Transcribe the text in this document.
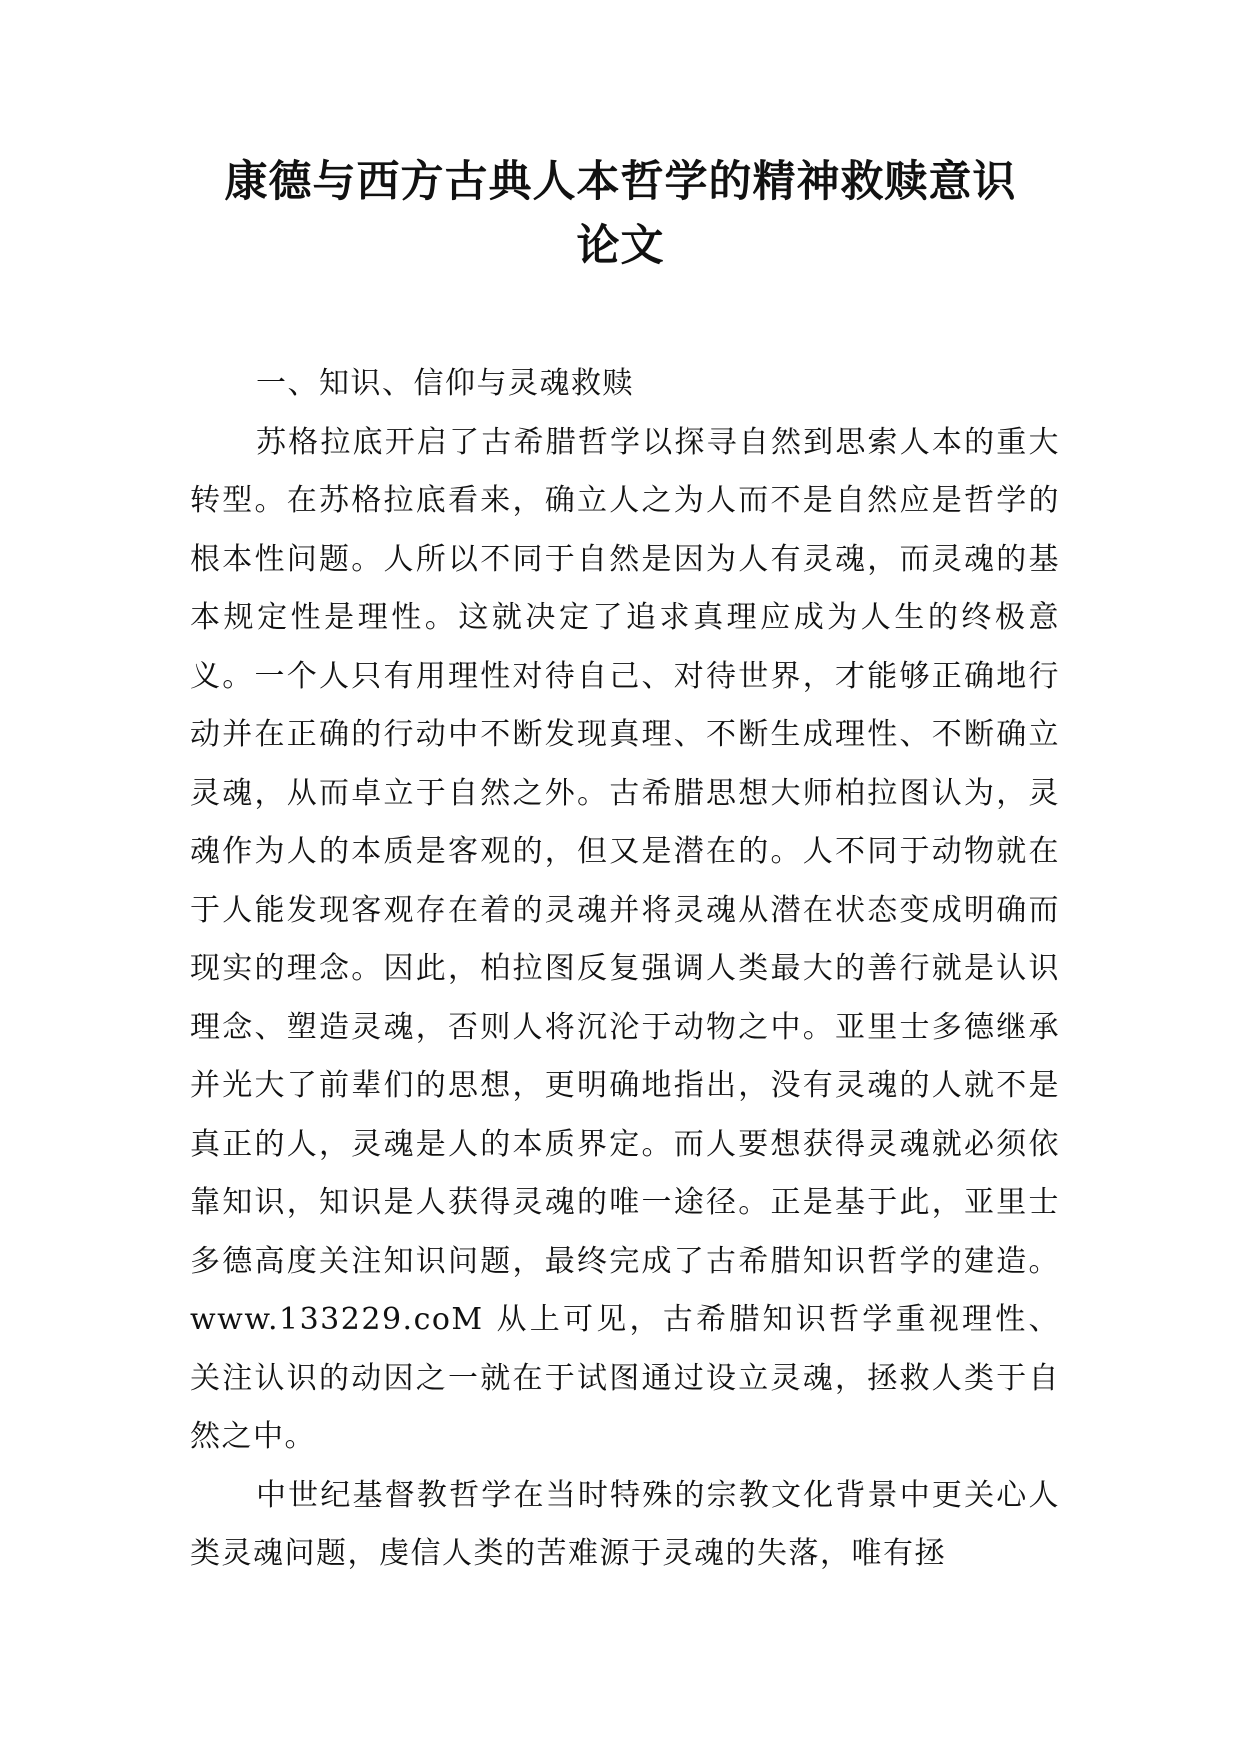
康德与西方古典人本哲学的精神救赎意识
论文

一、知识、信仰与灵魂救赎

苏格拉底开启了古希腊哲学以探寻自然到思索人本的重大转型。在苏格拉底看来，确立人之为人而不是自然应是哲学的根本性问题。人所以不同于自然是因为人有灵魂，而灵魂的基本规定性是理性。这就决定了追求真理应成为人生的终极意义。一个人只有用理性对待自己、对待世界，才能够正确地行动并在正确的行动中不断发现真理、不断生成理性、不断确立灵魂，从而卓立于自然之外。古希腊思想大师柏拉图认为，灵魂作为人的本质是客观的，但又是潜在的。人不同于动物就在于人能发现客观存在着的灵魂并将灵魂从潜在状态变成明确而现实的理念。因此，柏拉图反复强调人类最大的善行就是认识理念、塑造灵魂，否则人将沉沦于动物之中。亚里士多德继承并光大了前辈们的思想，更明确地指出，没有灵魂的人就不是真正的人，灵魂是人的本质界定。而人要想获得灵魂就必须依靠知识，知识是人获得灵魂的唯一途径。正是基于此，亚里士多德高度关注知识问题，最终完成了古希腊知识哲学的建造。www.133229.coM 从上可见，古希腊知识哲学重视理性、关注认识的动因之一就在于试图通过设立灵魂，拯救人类于自然之中。

中世纪基督教哲学在当时特殊的宗教文化背景中更关心人类灵魂问题，虔信人类的苦难源于灵魂的失落，唯有拯
